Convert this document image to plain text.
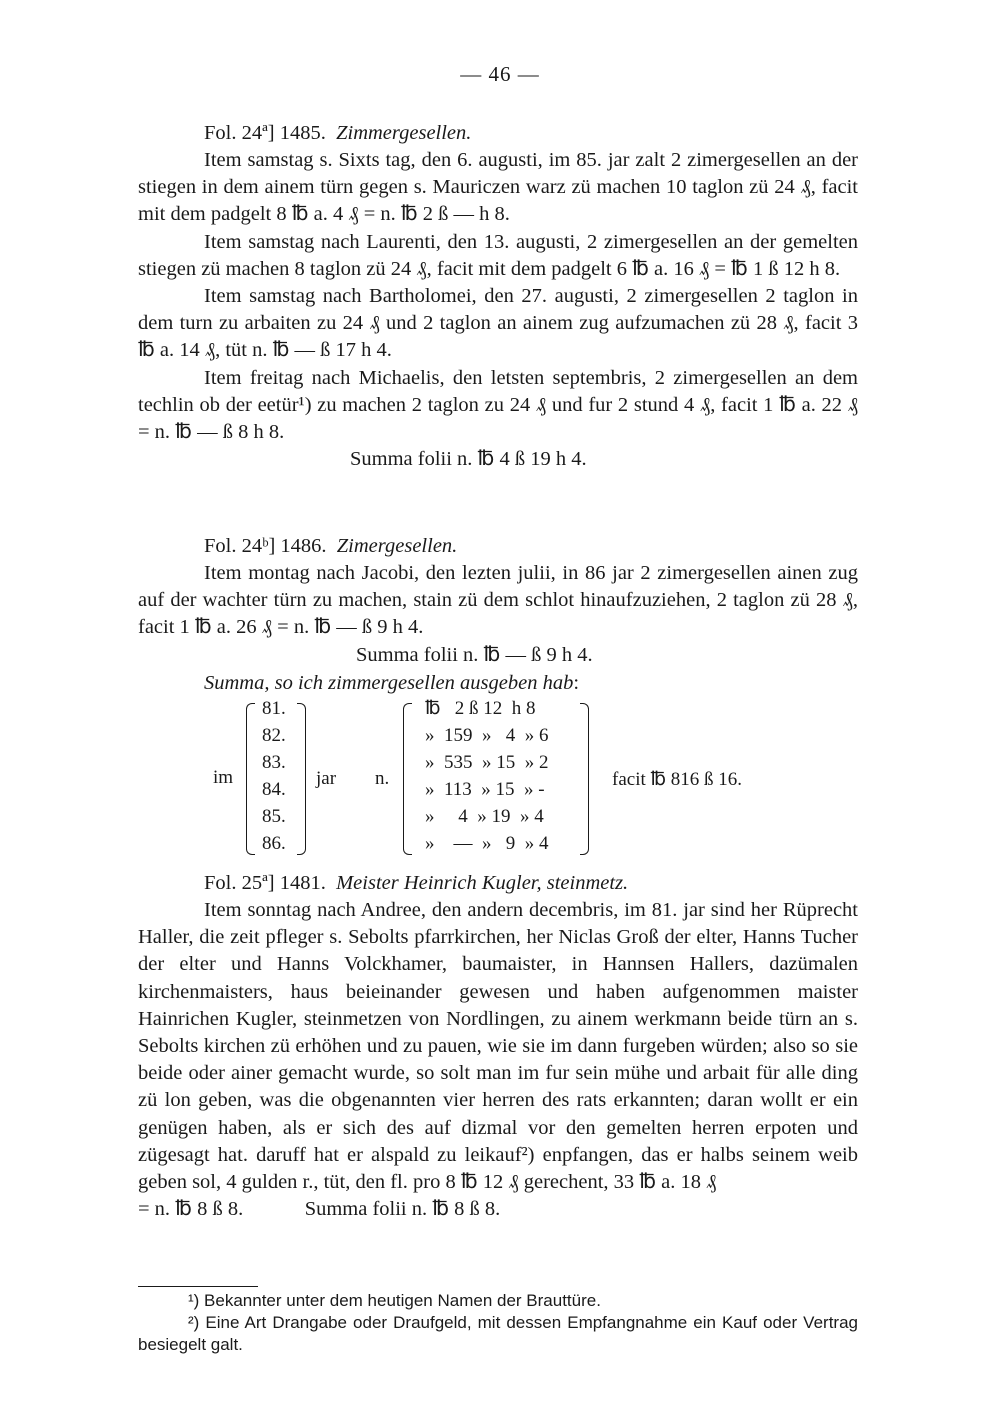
— 46 —
Fol. 24ª] 1485. Zimmergesellen.

Item samstag s. Sixts tag, den 6. augusti, im 85. jar zalt 2 zimergesellen an der stiegen in dem ainem türn gegen s. Mauriczen warz zü machen 10 taglon zü 24 ₰, facit mit dem padgelt 8 ℔ a. 4 ₰ = n. ℔ 2 ß — h 8.

Item samstag nach Laurenti, den 13. augusti, 2 zimergesellen an der gemelten stiegen zü machen 8 taglon zü 24 ₰, facit mit dem padgelt 6 ℔ a. 16 ₰ = ℔ 1 ß 12 h 8.

Item samstag nach Bartholomei, den 27. augusti, 2 zimergesellen 2 taglon in dem turn zu arbaiten zu 24 ₰ und 2 taglon an ainem zug aufzumachen zü 28 ₰, facit 3 ℔ a. 14 ₰, tüt n. ℔ — ß 17 h 4.

Item freitag nach Michaelis, den letsten septembris, 2 zimergesellen an dem techlin ob der eetür¹) zu machen 2 taglon zu 24 ₰ und fur 2 stund 4 ₰, facit 1 ℔ a. 22 ₰ = n. ℔ — ß 8 h 8.

Summa folii n. ℔ 4 ß 19 h 4.
Fol. 24ᵇ] 1486. Zimergesellen.

Item montag nach Jacobi, den lezten julii, in 86 jar 2 zimergesellen ainen zug auf der wachter türn zu machen, stain zü dem schlot hinaufzuziehen, 2 taglon zü 28 ₰, facit 1 ℔ a. 26 ₰ = n. ℔ — ß 9 h 4.

Summa folii n. ℔ — ß 9 h 4.
Summa, so ich zimmergesellen ausgeben hab:
im
81.
82.
83.
84.
85.
86.
jar n.
℔   2 ß 12  h 8
»  159  »   4  » 6
»  535  » 15  » 2
»  113  » 15  » -
»     4  » 19  » 4
»    —  »   9  » 4
facit ℔ 816 ß 16.
Fol. 25ª] 1481. Meister Heinrich Kugler, steinmetz.

Item sonntag nach Andree, den andern decembris, im 81. jar sind her Rüprecht Haller, die zeit pfleger s. Sebolts pfarrkirchen, her Niclas Groß der elter, Hanns Tucher der elter und Hanns Volckhamer, baumaister, in Hannsen Hallers, dazümalen kirchenmaisters, haus beieinander gewesen und haben aufgenommen maister Hainrichen Kugler, steinmetzen von Nordlingen, zu ainem werkmann beide türn an s. Sebolts kirchen zü erhöhen und zu pauen, wie sie im dann furgeben würden; also so sie beide oder ainer gemacht wurde, so solt man im fur sein mühe und arbait für alle ding zü lon geben, was die obgenannten vier herren des rats erkannten; daran wollt er ein genügen haben, als er sich des auf dizmal vor den gemelten herren erpoten und zügesagt hat. daruff hat er alspald zu leikauf²) enpfangen, das er halbs seinem weib geben sol, 4 gulden r., tüt, den fl. pro 8 ℔ 12 ₰ gerechent, 33 ℔ a. 18 ₰

= n. ℔ 8 ß 8.	Summa folii n. ℔ 8 ß 8.
¹) Bekannter unter dem heutigen Namen der Brauttüre.
²) Eine Art Drangabe oder Draufgeld, mit dessen Empfangnahme ein Kauf oder Vertrag besiegelt galt.
